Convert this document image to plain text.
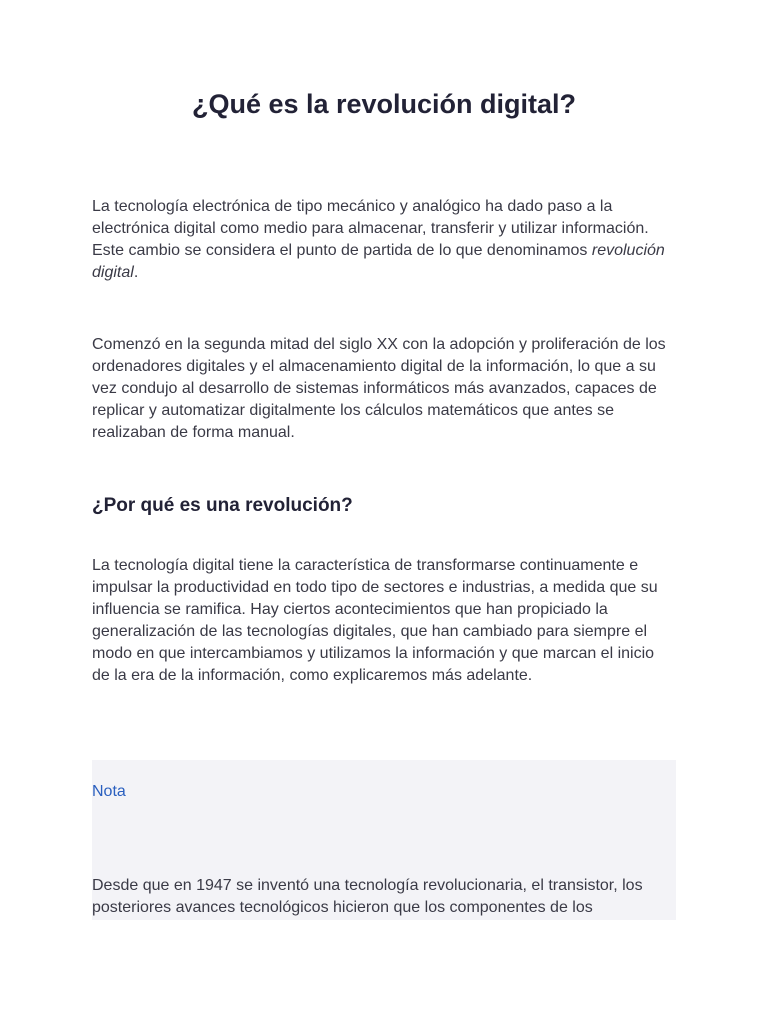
¿Qué es la revolución digital?

La tecnología electrónica de tipo mecánico y analógico ha dado paso a la electrónica digital como medio para almacenar, transferir y utilizar información. Este cambio se considera el punto de partida de lo que denominamos revolución digital.

Comenzó en la segunda mitad del siglo XX con la adopción y proliferación de los ordenadores digitales y el almacenamiento digital de la información, lo que a su vez condujo al desarrollo de sistemas informáticos más avanzados, capaces de replicar y automatizar digitalmente los cálculos matemáticos que antes se realizaban de forma manual.

¿Por qué es una revolución?

La tecnología digital tiene la característica de transformarse continuamente e impulsar la productividad en todo tipo de sectores e industrias, a medida que su influencia se ramifica. Hay ciertos acontecimientos que han propiciado la generalización de las tecnologías digitales, que han cambiado para siempre el modo en que intercambiamos y utilizamos la información y que marcan el inicio de la era de la información, como explicaremos más adelante.

Nota

Desde que en 1947 se inventó una tecnología revolucionaria, el transistor, los posteriores avances tecnológicos hicieron que los componentes de los
